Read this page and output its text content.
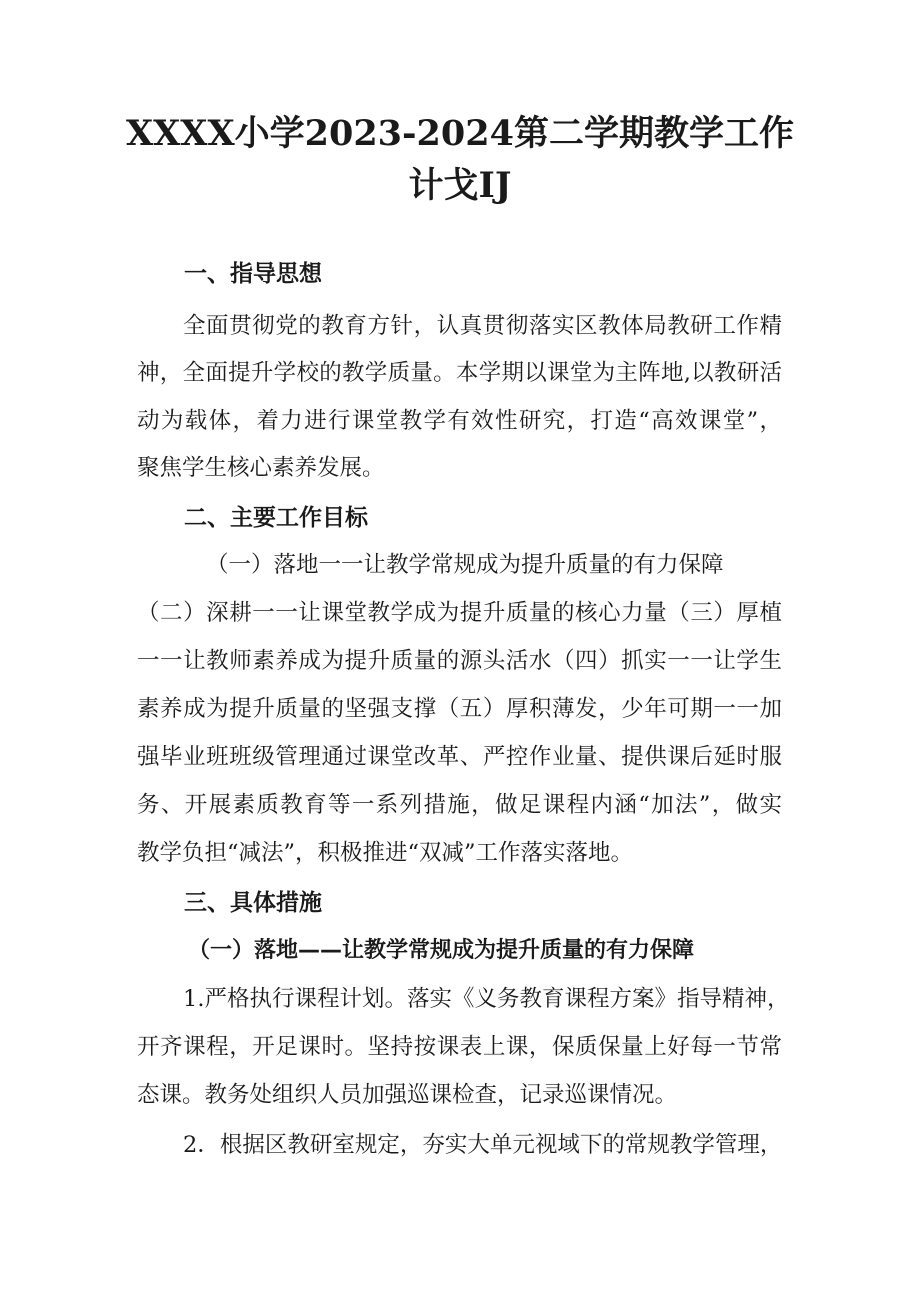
XXXX小学2023-2024第二学期教学工作
计戈IJ
一、指导思想

全面贯彻党的教育方针，认真贯彻落实区教体局教研工作精

神，全面提升学校的教学质量。本学期以课堂为主阵地,以教研活

动为载体，着力进行课堂教学有效性研究，打造“高效课堂”，

聚焦学生核心素养发展。

二、主要工作目标

（一）落地一一让教学常规成为提升质量的有力保障

（二）深耕一一让课堂教学成为提升质量的核心力量（三）厚植

一一让教师素养成为提升质量的源头活水（四）抓实一一让学生

素养成为提升质量的坚强支撑（五）厚积薄发，少年可期一一加

强毕业班班级管理通过课堂改革、严控作业量、提供课后延时服

务、开展素质教育等一系列措施，做足课程内涵“加法”，做实

教学负担“减法”，积极推进“双减”工作落实落地。

三、具体措施

（一）落地——让教学常规成为提升质量的有力保障

1.严格执行课程计划。落实《义务教育课程方案》指导精神，

开齐课程，开足课时。坚持按课表上课，保质保量上好每一节常

态课。教务处组织人员加强巡课检查，记录巡课情况。

2．根据区教研室规定，夯实大单元视域下的常规教学管理，
